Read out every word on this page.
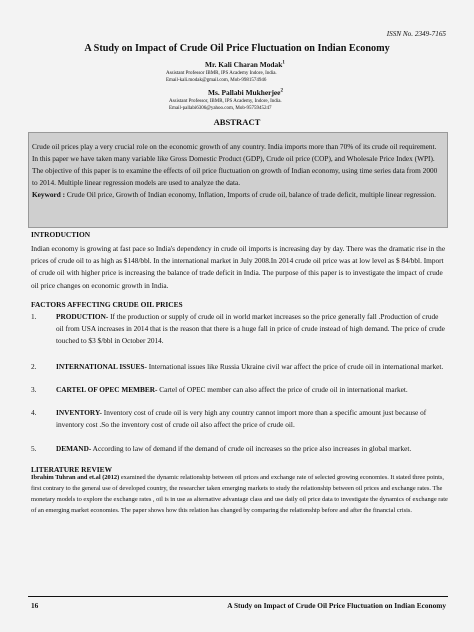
ISSN No. 2349-7165
A Study on Impact of Crude Oil Price Fluctuation on Indian Economy
Mr. Kali Charan Modak$^1$
Assistant Professor IBMR, IPS Academy Indore, India.
Email-kali.modak@gmail.com, Mob-9981574946
Ms. Pallabi Mukherjee$^2$
Assistant Professor, IBMR, IPS Academy, Indore, India.
Email-pallabi6306@yahoo.com, Mob-9575945247
ABSTRACT

Crude oil prices play a very crucial role on the economic growth of any country. India imports more than 70% of its crude oil requirement. In this paper we have taken many variable like Gross Domestic Product (GDP), Crude oil price (COP), and Wholesale Price Index (WPI). The objective of this paper is to examine the effects of oil price fluctuation on growth of Indian economy, using time series data from 2000 to 2014. Multiple linear regression models are used to analyze the data.

Keyword : Crude Oil price, Growth of Indian economy, Inflation, Imports of crude oil, balance of trade deficit, multiple linear regression.

INTRODUCTION

Indian economy is growing at fast pace so India's dependency in crude oil imports is increasing day by day. There was the dramatic rise in the prices of crude oil to as high as $148/bbl. In the international market in July 2008.In 2014 crude oil price was at low level as $ 84/bbl. Import of crude oil with higher price is increasing the balance of trade deficit in India. The purpose of this paper is to investigate the impact of crude oil price changes on economic growth in India.

FACTORS AFFECTING CRUDE OIL PRICES
1.	PRODUCTION- If the production or supply of crude oil in world market increases so the price generally fall .Production of crude oil from USA increases in 2014 that is the reason that there is a huge fall in price of crude instead of high demand. The price of crude touched to $3 $/bbl in October 2014.
2.	INTERNATIONAL ISSUES- International issues like Russia Ukraine civil war affect the price of crude oil in international market.
3.	CARTEL OF OPEC MEMBER- Cartel of OPEC member can also affect the price of crude oil in international market.
4.	INVENTORY- Inventory cost of crude oil is very high any country cannot import more than a specific amount just because of inventory cost .So the inventory cost of crude oil also affect the price of crude oil.
5.	DEMAND- According to law of demand if the demand of crude oil increases so the price also increases in global market.
LITERATURE REVIEW

Ibrahim Tuhran and et.al (2012) examined the dynamic relationship between oil prices and exchange rate of selected growing economies. It stated three points, first contrary to the general use of developed country, the researcher taken emerging markets to study the relationship between oil prices and exchange rates. The monetary models to explore the exchange rates , oil is in use as alternative advantage class and use daily oil price data to investigate the dynamics of exchange rate of an emerging market economies. The paper shows how this relation has changed by comparing the relationship before and after the financial crisis.

16	A Study on Impact of Crude Oil Price Fluctuation on Indian Economy
